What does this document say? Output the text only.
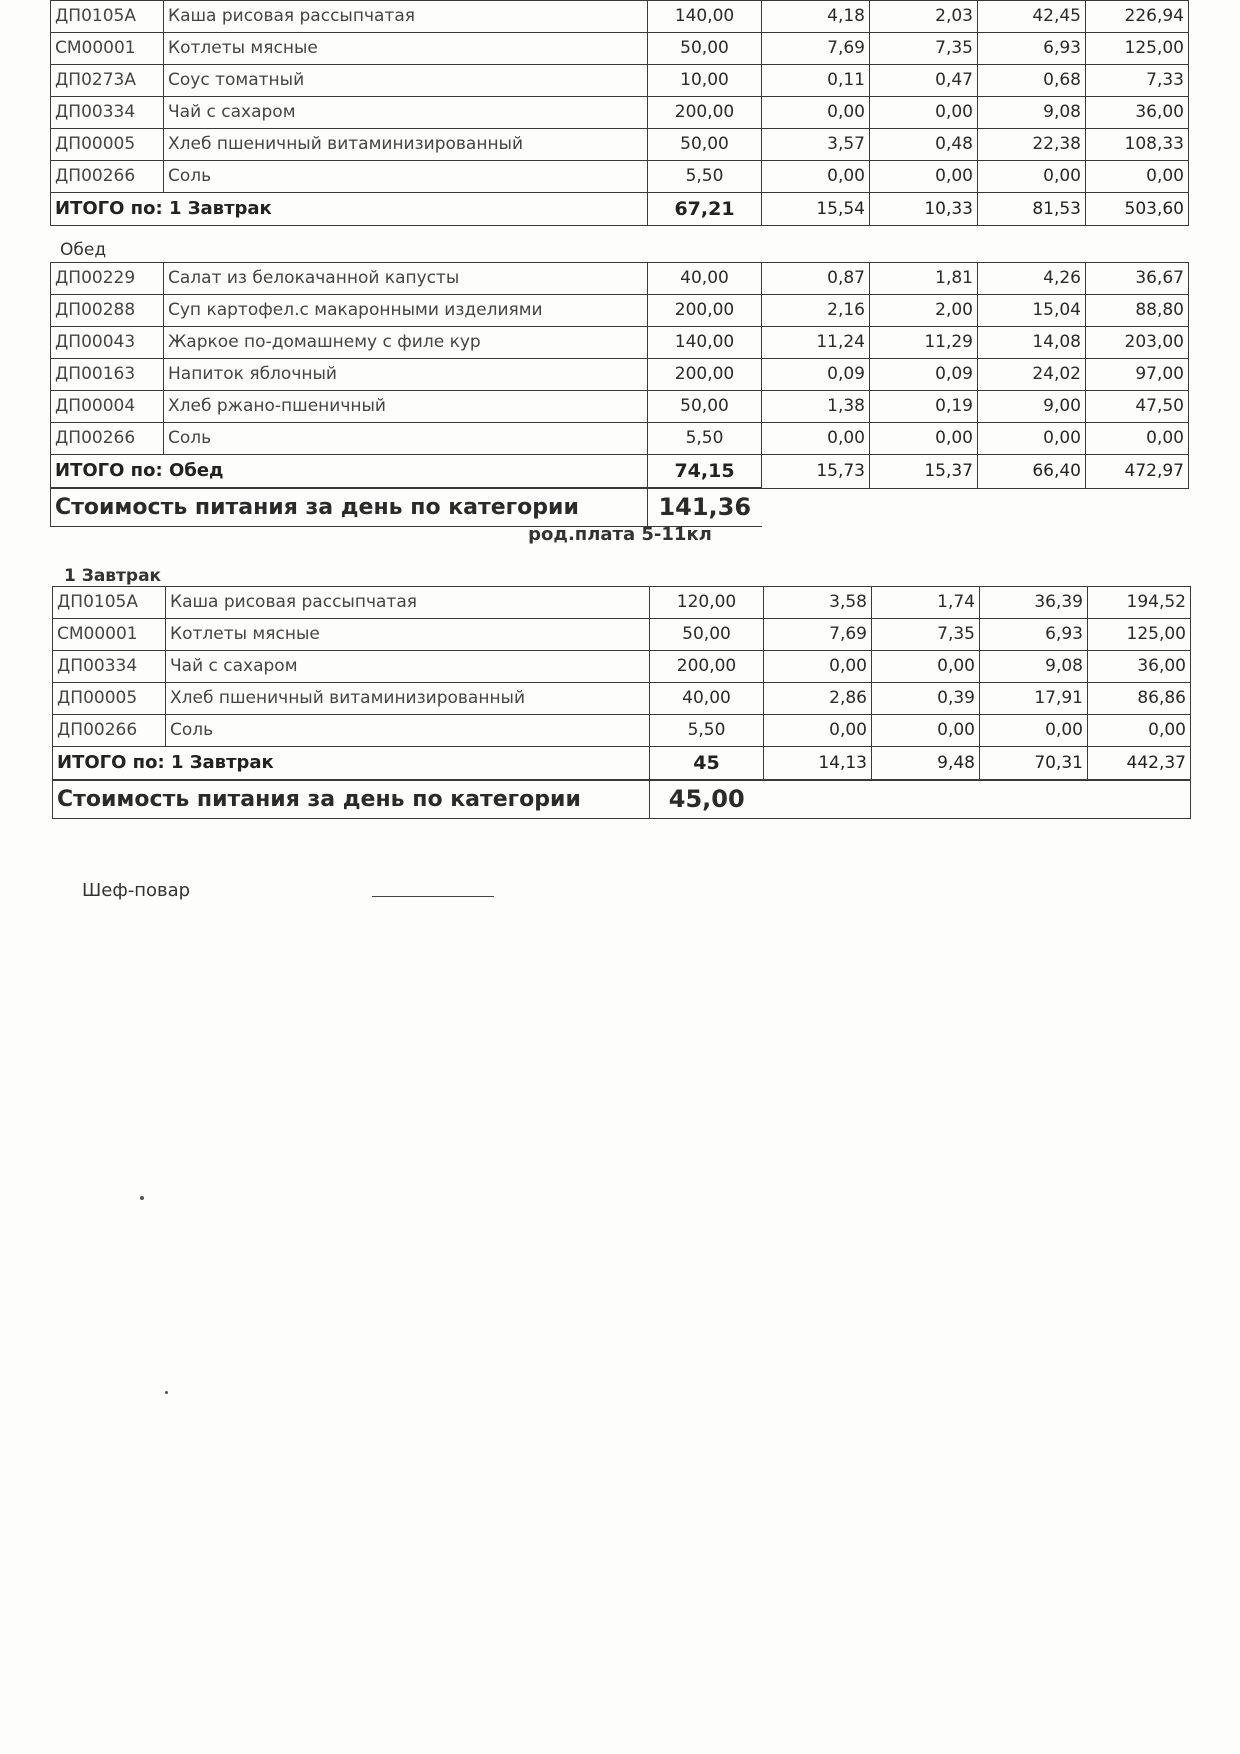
ДП0105А	Каша рисовая рассыпчатая	140,00	4,18	2,03	42,45	226,94
СМ00001	Котлеты мясные	50,00	7,69	7,35	6,93	125,00
ДП0273А	Соус томатный	10,00	0,11	0,47	0,68	7,33
ДП00334	Чай с сахаром	200,00	0,00	0,00	9,08	36,00
ДП00005	Хлеб пшеничный витаминизированный	50,00	3,57	0,48	22,38	108,33
ДП00266	Соль	5,50	0,00	0,00	0,00	0,00
ИТОГО по: 1 Завтрак		67,21	15,54	10,33	81,53	503,60
Обед
ДП00229	Салат из белокачанной капусты	40,00	0,87	1,81	4,26	36,67
ДП00288	Суп картофел.с макаронными изделиями	200,00	2,16	2,00	15,04	88,80
ДП00043	Жаркое по-домашнему с филе кур	140,00	11,24	11,29	14,08	203,00
ДП00163	Напиток яблочный	200,00	0,09	0,09	24,02	97,00
ДП00004	Хлеб ржано-пшеничный	50,00	1,38	0,19	9,00	47,50
ДП00266	Соль	5,50	0,00	0,00	0,00	0,00
ИТОГО по: Обед		74,15	15,73	15,37	66,40	472,97
Стоимость питания за день по категории		141,36				
род.плата 5-11кл
1 Завтрак
ДП0105А	Каша рисовая рассыпчатая	120,00	3,58	1,74	36,39	194,52
СМ00001	Котлеты мясные	50,00	7,69	7,35	6,93	125,00
ДП00334	Чай с сахаром	200,00	0,00	0,00	9,08	36,00
ДП00005	Хлеб пшеничный витаминизированный	40,00	2,86	0,39	17,91	86,86
ДП00266	Соль	5,50	0,00	0,00	0,00	0,00
ИТОГО по: 1 Завтрак		45	14,13	9,48	70,31	442,37
Стоимость питания за день по категории		45,00				
Шеф-повар
